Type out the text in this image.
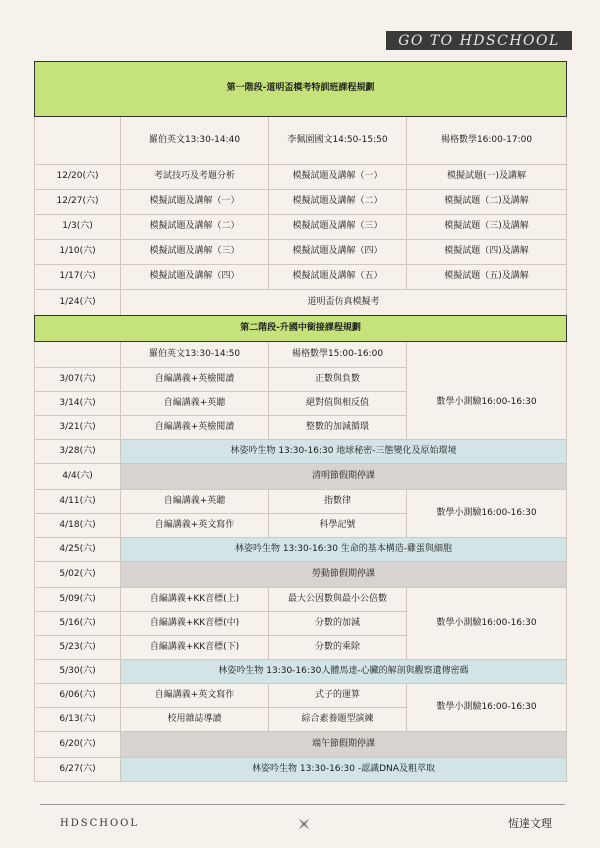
GO TO HDSCHOOL
第一階段-道明盃模考特訓班課程規劃			
	羅伯英文13:30-14:40	李佩園國文14:50-15:50	楊格數學16:00-17:00
12/20(六)	考試技巧及考題分析	模擬試題及講解（一）	模擬試題(一)及講解
12/27(六)	模擬試題及講解（一）	模擬試題及講解（二）	模擬試題（二)及講解
1/3(六)	模擬試題及講解（二）	模擬試題及講解（三）	模擬試題（三)及講解
1/10(六)	模擬試題及講解（三）	模擬試題及講解（四）	模擬試題（四)及講解
1/17(六)	模擬試題及講解（四）	模擬試題及講解（五）	模擬試題（五)及講解
1/24(六)	道明盃仿真模擬考		
第二階段-升國中銜接課程規劃			
	羅伯英文13:30-14:50	楊格數學15:00-16:00	
3/07(六)	自編講義+英檢閱讀	正數與負數	數學小測驗16:00-16:30
3/14(六)	自編講義+英聽	絕對值與相反值	
3/21(六)	自編講義+英檢閱讀	整數的加減循環	
3/28(六)	林姿吟生物 13:30-16:30 地球秘密-三態變化及原始環境		
4/4(六)	清明節假期停課		
4/11(六)	自編講義+英聽	指數律	數學小測驗16:00-16:30
4/18(六)	自編講義+英文寫作	科學記號	
4/25(六)	林姿吟生物 13:30-16:30 生命的基本構造-雞蛋與細胞		
5/02(六)	勞動節假期停課		
5/09(六)	自編講義+KK音標(上)	最大公因數與最小公倍數	數學小測驗16:00-16:30
5/16(六)	自編講義+KK音標(中)	分數的加減	
5/23(六)	自編講義+KK音標(下)	分數的乘除	
5/30(六)	林姿吟生物 13:30-16:30人體馬達-心臟的解剖與觀察遺傳密碼		
6/06(六)	自編講義+英文寫作	式子的運算	數學小測驗16:00-16:30
6/13(六)	校用雜誌導讀	綜合素養題型演練	
6/20(六)	端午節假期停課		
6/27(六)	林姿吟生物 13:30-16:30 -認識DNA及粗萃取		
HDSCHOOL	恆達文理
